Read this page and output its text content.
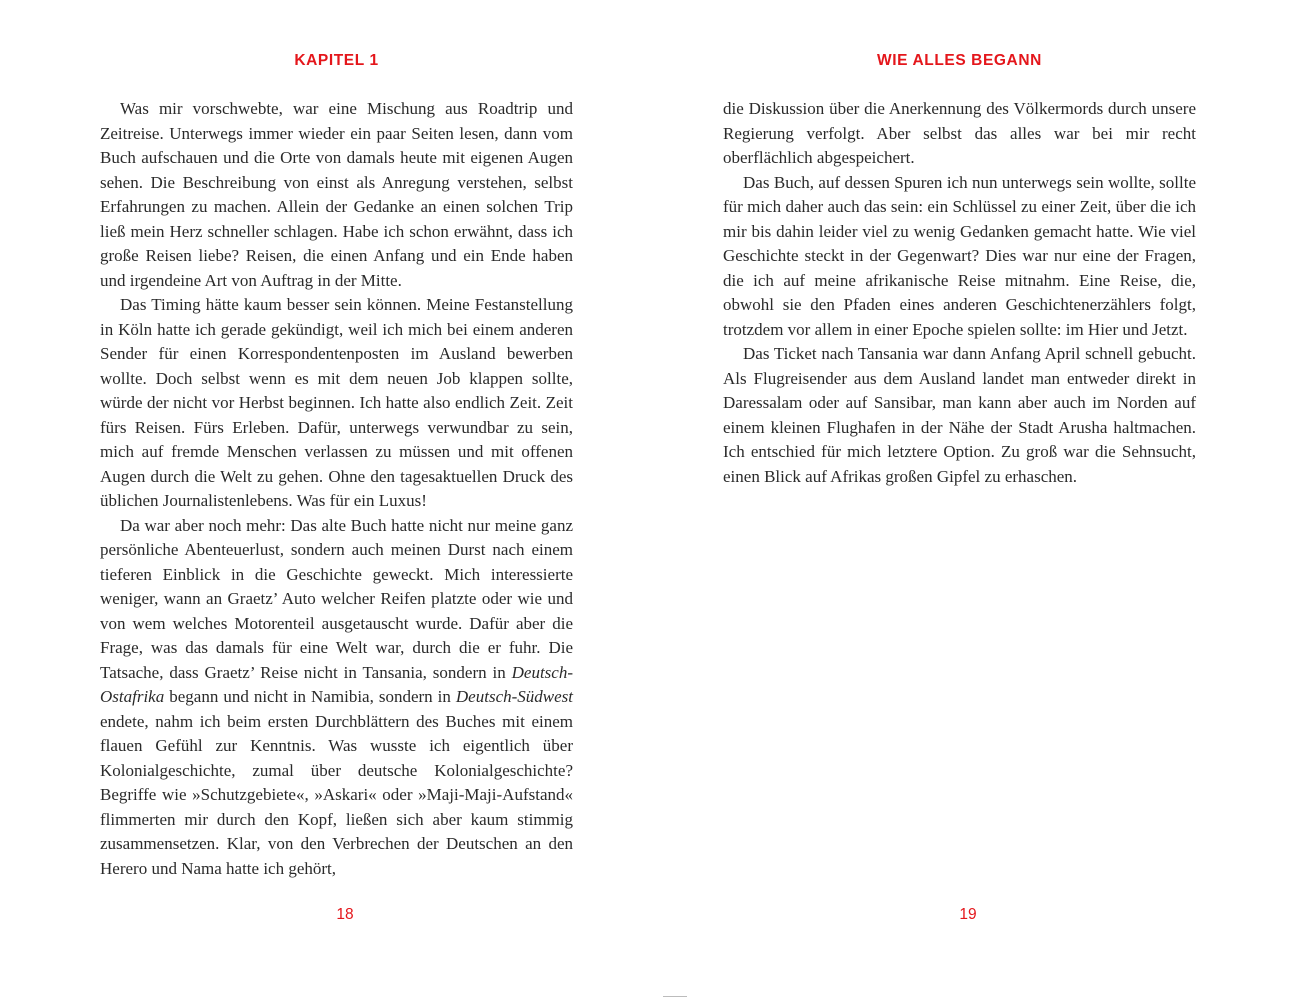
KAPITEL 1

Was mir vorschwebte, war eine Mischung aus Roadtrip und Zeitreise. Unterwegs immer wieder ein paar Seiten lesen, dann vom Buch aufschauen und die Orte von damals heute mit eigenen Augen sehen. Die Beschreibung von einst als Anregung verstehen, selbst Erfahrungen zu machen. Allein der Gedanke an einen solchen Trip ließ mein Herz schneller schlagen. Habe ich schon erwähnt, dass ich große Reisen liebe? Reisen, die einen Anfang und ein Ende haben und irgendeine Art von Auftrag in der Mitte.

Das Timing hätte kaum besser sein können. Meine Festanstellung in Köln hatte ich gerade gekündigt, weil ich mich bei einem anderen Sender für einen Korrespondentenposten im Ausland bewerben wollte. Doch selbst wenn es mit dem neuen Job klappen sollte, würde der nicht vor Herbst beginnen. Ich hatte also endlich Zeit. Zeit fürs Reisen. Fürs Erleben. Dafür, unterwegs verwundbar zu sein, mich auf fremde Menschen verlassen zu müssen und mit offenen Augen durch die Welt zu gehen. Ohne den tagesaktuellen Druck des üblichen Journalistenlebens. Was für ein Luxus!

Da war aber noch mehr: Das alte Buch hatte nicht nur meine ganz persönliche Abenteuerlust, sondern auch meinen Durst nach einem tieferen Einblick in die Geschichte geweckt. Mich interessierte weniger, wann an Graetz’ Auto welcher Reifen platzte oder wie und von wem welches Motorenteil ausgetauscht wurde. Dafür aber die Frage, was das damals für eine Welt war, durch die er fuhr. Die Tatsache, dass Graetz’ Reise nicht in Tansania, sondern in Deutsch-Ostafrika begann und nicht in Namibia, sondern in Deutsch-Südwest endete, nahm ich beim ersten Durchblättern des Buches mit einem flauen Gefühl zur Kenntnis. Was wusste ich eigentlich über Kolonialgeschichte, zumal über deutsche Kolonialgeschichte? Begriffe wie »Schutzgebiete«, »Askari« oder »Maji-Maji-Aufstand« flimmerten mir durch den Kopf, ließen sich aber kaum stimmig zusammensetzen. Klar, von den Verbrechen der Deutschen an den Herero und Nama hatte ich gehört,

18

WIE ALLES BEGANN

die Diskussion über die Anerkennung des Völkermords durch unsere Regierung verfolgt. Aber selbst das alles war bei mir recht oberflächlich abgespeichert.

Das Buch, auf dessen Spuren ich nun unterwegs sein wollte, sollte für mich daher auch das sein: ein Schlüssel zu einer Zeit, über die ich mir bis dahin leider viel zu wenig Gedanken gemacht hatte. Wie viel Geschichte steckt in der Gegenwart? Dies war nur eine der Fragen, die ich auf meine afrikanische Reise mitnahm. Eine Reise, die, obwohl sie den Pfaden eines anderen Geschichtenerzählers folgt, trotzdem vor allem in einer Epoche spielen sollte: im Hier und Jetzt.

Das Ticket nach Tansania war dann Anfang April schnell gebucht. Als Flugreisender aus dem Ausland landet man entweder direkt in Daressalam oder auf Sansibar, man kann aber auch im Norden auf einem kleinen Flughafen in der Nähe der Stadt Arusha haltmachen. Ich entschied für mich letztere Option. Zu groß war die Sehnsucht, einen Blick auf Afrikas großen Gipfel zu erhaschen.

19
